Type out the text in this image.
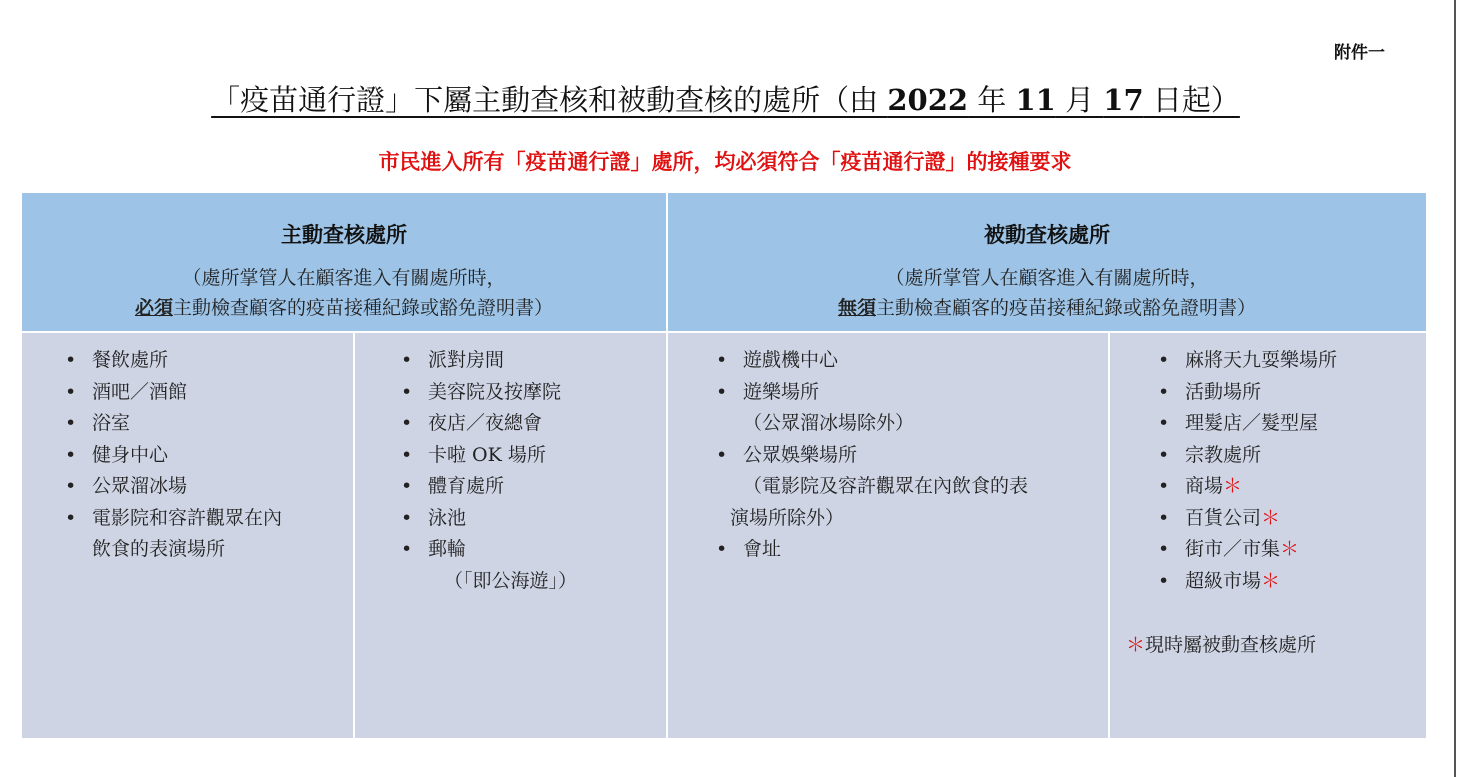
附件一
「疫苗通行證」下屬主動查核和被動查核的處所（由 2022 年 11 月 17 日起）
市民進入所有「疫苗通行證」處所，均必須符合「疫苗通行證」的接種要求
主動查核處所
（處所掌管人在顧客進入有關處所時，
必須主動檢查顧客的疫苗接種紀錄或豁免證明書）
被動查核處所
（處所掌管人在顧客進入有關處所時，
無須主動檢查顧客的疫苗接種紀錄或豁免證明書）
• 餐飲處所
• 酒吧／酒館
• 浴室
• 健身中心
• 公眾溜冰場
• 電影院和容許觀眾在內
飲食的表演場所
• 派對房間
• 美容院及按摩院
• 夜店／夜總會
• 卡啦 OK 場所
• 體育處所
• 泳池
• 郵輪
（「即公海遊」）
• 遊戲機中心
• 遊樂場所
（公眾溜冰場除外）
• 公眾娛樂場所
（電影院及容許觀眾在內飲食的表
演場所除外）
• 會址
• 麻將天九耍樂場所
• 活動場所
• 理髮店／髮型屋
• 宗教處所
• 商場＊
• 百貨公司＊
• 街市／市集＊
• 超級市場＊
＊現時屬被動查核處所
